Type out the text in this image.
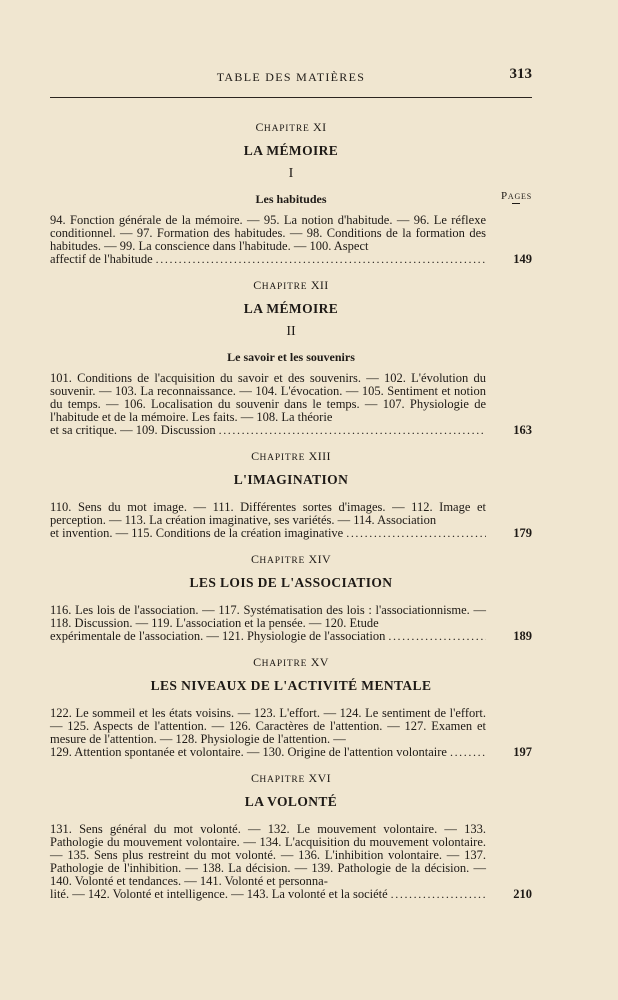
TABLE DES MATIÈRES	313
CHAPITRE XI
LA MÉMOIRE
I
Les habitudes	Pages
94. Fonction générale de la mémoire. — 95. La notion d'habitude. — 96. Le réflexe conditionnel. — 97. Formation des habitudes. — 98. Conditions de la formation des habitudes. — 99. La conscience dans l'habitude. — 100. Aspect
affectif de l'habitude .....	149
CHAPITRE XII
LA MÉMOIRE
II
Le savoir et les souvenirs
101. Conditions de l'acquisition du savoir et des souvenirs. — 102. L'évolution du souvenir. — 103. La reconnaissance. — 104. L'évocation. — 105. Sentiment et notion du temps. — 106. Localisation du souvenir dans le temps. — 107. Physiologie de l'habitude et de la mémoire. Les faits. — 108. La théorie
et sa critique. — 109. Discussion .....	163
CHAPITRE XIII
L'IMAGINATION
110. Sens du mot image. — 111. Différentes sortes d'images. — 112. Image et perception. — 113. La création imaginative, ses variétés. — 114. Association
et invention. — 115. Conditions de la création imaginative .....	179
CHAPITRE XIV
LES LOIS DE L'ASSOCIATION
116. Les lois de l'association. — 117. Systématisation des lois : l'associationnisme. — 118. Discussion. — 119. L'association et la pensée. — 120. Etude
expérimentale de l'association. — 121. Physiologie de l'association .....	189
CHAPITRE XV
LES NIVEAUX DE L'ACTIVITÉ MENTALE
122. Le sommeil et les états voisins. — 123. L'effort. — 124. Le sentiment de l'effort. — 125. Aspects de l'attention. — 126. Caractères de l'attention. — 127. Examen et mesure de l'attention. — 128. Physiologie de l'attention. —
129. Attention spontanée et volontaire. — 130. Origine de l'attention volontaire .....	197
CHAPITRE XVI
LA VOLONTÉ
131. Sens général du mot volonté. — 132. Le mouvement volontaire. — 133. Pathologie du mouvement volontaire. — 134. L'acquisition du mouvement volontaire. — 135. Sens plus restreint du mot volonté. — 136. L'inhibition volontaire. — 137. Pathologie de l'inhibition. — 138. La décision. — 139. Pathologie de la décision. — 140. Volonté et tendances. — 141. Volonté et personna-
lité. — 142. Volonté et intelligence. — 143. La volonté et la société .....	210
